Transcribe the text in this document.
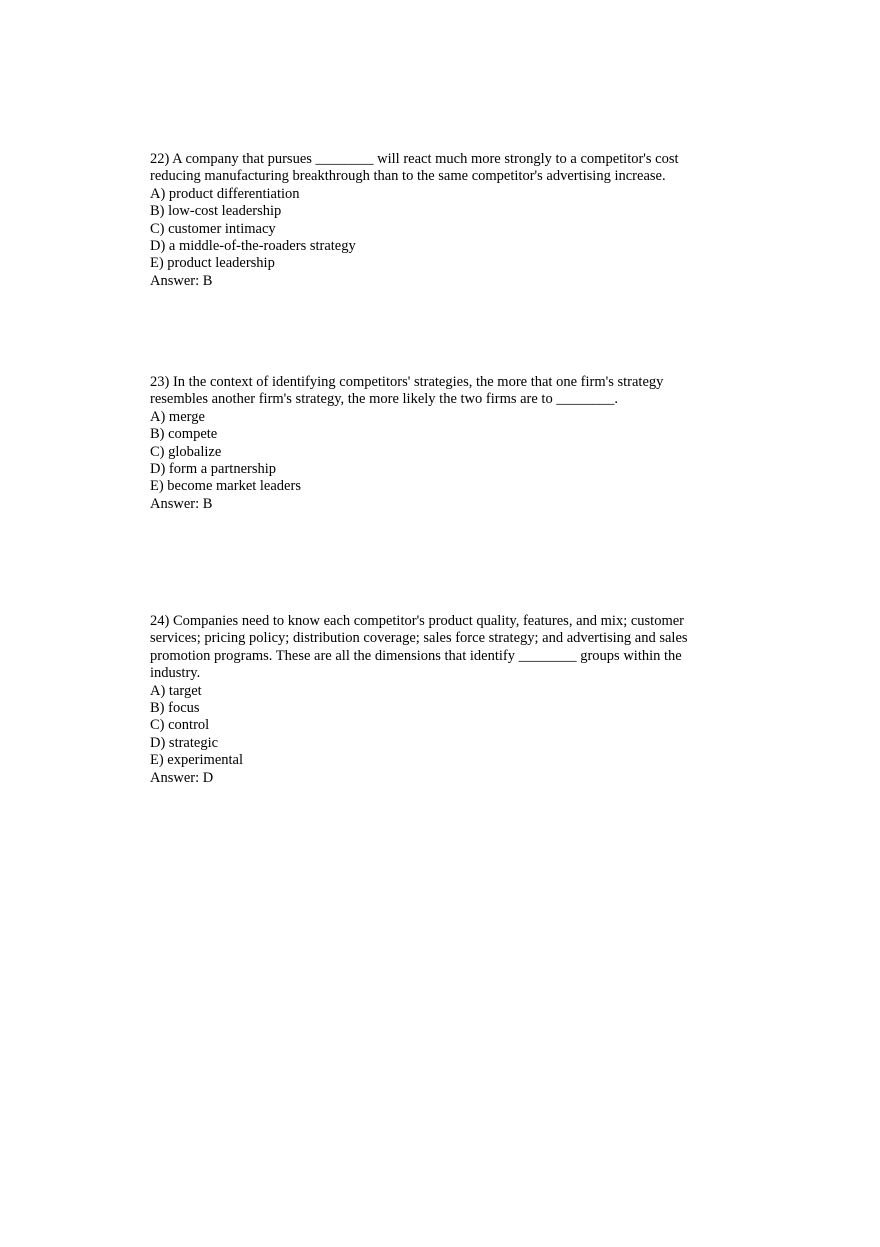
22) A company that pursues ________ will react much more strongly to a competitor's cost reducing manufacturing breakthrough than to the same competitor's advertising increase.

A) product differentiation
B) low-cost leadership
C) customer intimacy
D) a middle-of-the-roaders strategy
E) product leadership

Answer: B

23) In the context of identifying competitors' strategies, the more that one firm's strategy resembles another firm's strategy, the more likely the two firms are to ________.

A) merge
B) compete
C) globalize
D) form a partnership
E) become market leaders

Answer: B

24) Companies need to know each competitor's product quality, features, and mix; customer services; pricing policy; distribution coverage; sales force strategy; and advertising and sales promotion programs. These are all the dimensions that identify ________ groups within the industry.

A) target
B) focus
C) control
D) strategic
E) experimental

Answer: D
